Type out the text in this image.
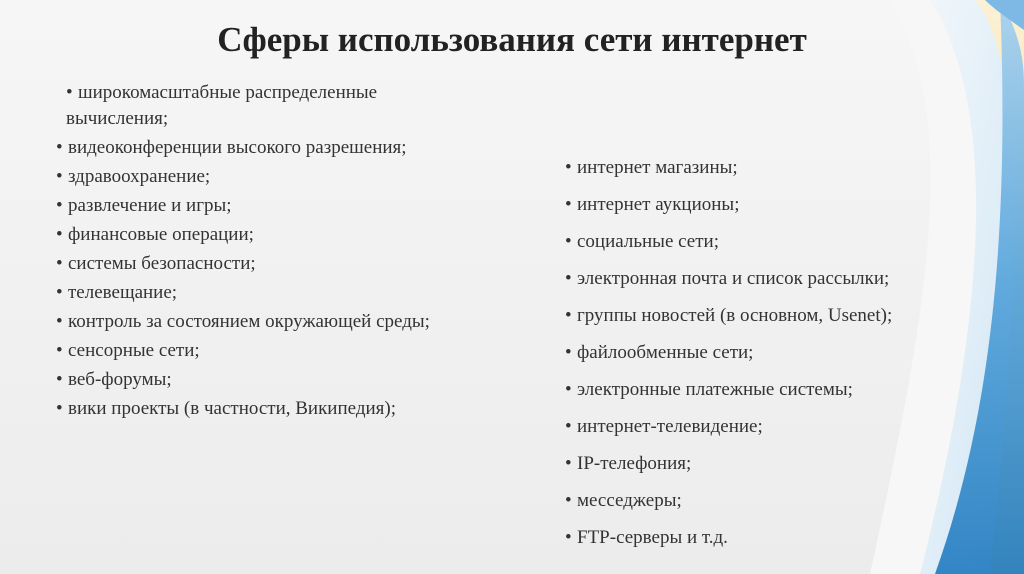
Сферы использования сети интернет
• широкомасштабные распределенные вычисления;
• видеоконференции высокого разрешения;
• здравоохранение;
• развлечение и игры;
• финансовые операции;
• системы безопасности;
• телевещание;
• контроль за состоянием окружающей среды;
• сенсорные сети;
• веб-форумы;
• вики проекты (в частности, Википедия);
• интернет магазины;
• интернет аукционы;
• социальные сети;
• электронная почта и список рассылки;
• группы новостей (в основном, Usenet);
• файлообменные сети;
• электронные платежные системы;
• интернет-телевидение;
• IP-телефония;
• месседжеры;
• FTP-серверы и т.д.
